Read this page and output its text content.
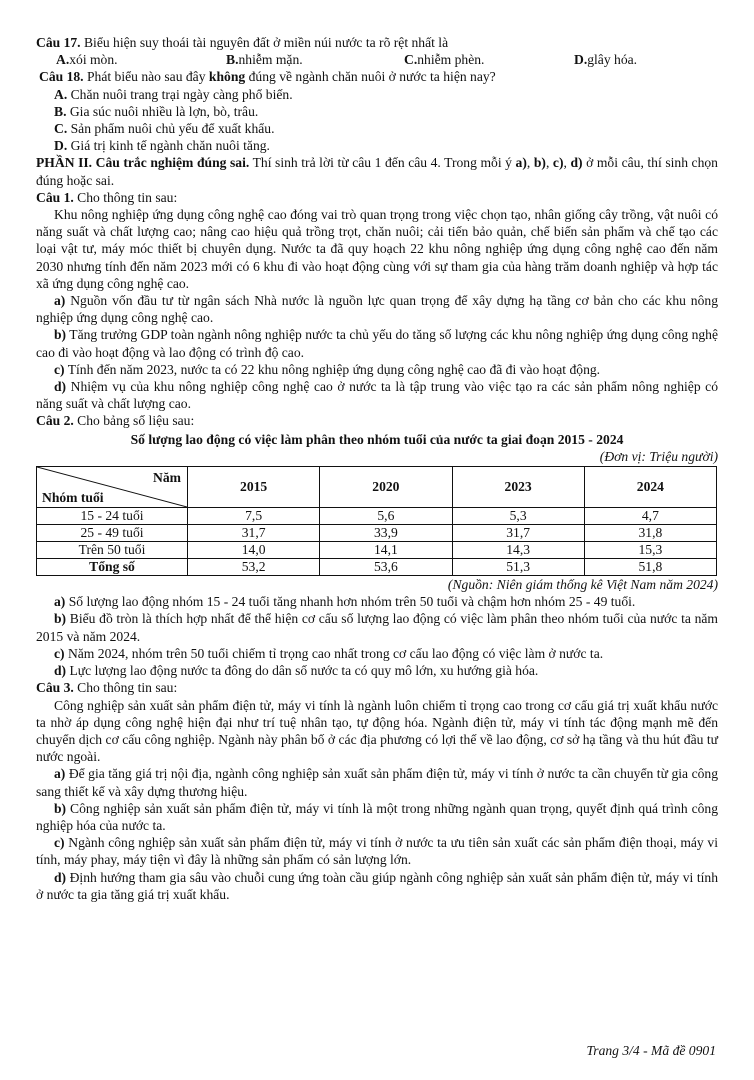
Câu 17. Biểu hiện suy thoái tài nguyên đất ở miền núi nước ta rõ rệt nhất là

A.xói mòn.	B.nhiễm mặn.	C.nhiễm phèn.	D.glây hóa.

Câu 18. Phát biểu nào sau đây không đúng về ngành chăn nuôi ở nước ta hiện nay?

A. Chăn nuôi trang trại ngày càng phổ biến.

B. Gia súc nuôi nhiều là lợn, bò, trâu.

C. Sản phẩm nuôi chủ yếu để xuất khẩu.

D. Giá trị kinh tế ngành chăn nuôi tăng.

PHẦN II. Câu trắc nghiệm đúng sai. Thí sinh trả lời từ câu 1 đến câu 4. Trong mỗi ý a), b), c), d) ở mỗi câu, thí sinh chọn đúng hoặc sai.

Câu 1. Cho thông tin sau:

Khu nông nghiệp ứng dụng công nghệ cao đóng vai trò quan trọng trong việc chọn tạo, nhân giống cây trồng, vật nuôi có năng suất và chất lượng cao; nâng cao hiệu quả trồng trọt, chăn nuôi; cải tiến bảo quản, chế biến sản phẩm và chế tạo các loại vật tư, máy móc thiết bị chuyên dụng. Nước ta đã quy hoạch 22 khu nông nghiệp ứng dụng công nghệ cao đến năm 2030 nhưng tính đến năm 2023 mới có 6 khu đi vào hoạt động cùng với sự tham gia của hàng trăm doanh nghiệp và hợp tác xã ứng dụng công nghệ cao.

a) Nguồn vốn đầu tư từ ngân sách Nhà nước là nguồn lực quan trọng để xây dựng hạ tầng cơ bản cho các khu nông nghiệp ứng dụng công nghệ cao.

b) Tăng trưởng GDP toàn ngành nông nghiệp nước ta chủ yếu do tăng số lượng các khu nông nghiệp ứng dụng công nghệ cao đi vào hoạt động và lao động có trình độ cao.

c) Tính đến năm 2023, nước ta có 22 khu nông nghiệp ứng dụng công nghệ cao đã đi vào hoạt động.

d) Nhiệm vụ của khu nông nghiệp công nghệ cao ở nước ta là tập trung vào việc tạo ra các sản phẩm nông nghiệp có năng suất và chất lượng cao.

Câu 2. Cho bảng số liệu sau:

Số lượng lao động có việc làm phân theo nhóm tuổi của nước ta giai đoạn 2015 - 2024

(Đơn vị: Triệu người)

Năm
Nhóm tuổi	2015	2020	2023	2024
15 - 24 tuổi	7,5	5,6	5,3	4,7
25 - 49 tuổi	31,7	33,9	31,7	31,8
Trên 50 tuổi	14,0	14,1	14,3	15,3
Tổng số	53,2	53,6	51,3	51,8

(Nguồn: Niên giám thống kê Việt Nam năm 2024)

a) Số lượng lao động nhóm 15 - 24 tuổi tăng nhanh hơn nhóm trên 50 tuổi và chậm hơn nhóm 25 - 49 tuổi.

b) Biểu đồ tròn là thích hợp nhất để thể hiện cơ cấu số lượng lao động có việc làm phân theo nhóm tuổi của nước ta năm 2015 và năm 2024.

c) Năm 2024, nhóm trên 50 tuổi chiếm tỉ trọng cao nhất trong cơ cấu lao động có việc làm ở nước ta.

d) Lực lượng lao động nước ta đông do dân số nước ta có quy mô lớn, xu hướng già hóa.

Câu 3. Cho thông tin sau:

Công nghiệp sản xuất sản phẩm điện tử, máy vi tính là ngành luôn chiếm tỉ trọng cao trong cơ cấu giá trị xuất khẩu nước ta nhờ áp dụng công nghệ hiện đại như trí tuệ nhân tạo, tự động hóa. Ngành điện tử, máy vi tính tác động mạnh mẽ đến chuyển dịch cơ cấu công nghiệp. Ngành này phân bố ở các địa phương có lợi thế về lao động, cơ sở hạ tầng và thu hút đầu tư nước ngoài.

a) Để gia tăng giá trị nội địa, ngành công nghiệp sản xuất sản phẩm điện tử, máy vi tính ở nước ta cần chuyển từ gia công sang thiết kế và xây dựng thương hiệu.

b) Công nghiệp sản xuất sản phẩm điện tử, máy vi tính là một trong những ngành quan trọng, quyết định quá trình công nghiệp hóa của nước ta.

c) Ngành công nghiệp sản xuất sản phẩm điện tử, máy vi tính ở nước ta ưu tiên sản xuất các sản phẩm điện thoại, máy vi tính, máy phay, máy tiện vì đây là những sản phẩm có sản lượng lớn.

d) Định hướng tham gia sâu vào chuỗi cung ứng toàn cầu giúp ngành công nghiệp sản xuất sản phẩm điện tử, máy vi tính ở nước ta gia tăng giá trị xuất khẩu.

Trang 3/4 - Mã đề 0901
